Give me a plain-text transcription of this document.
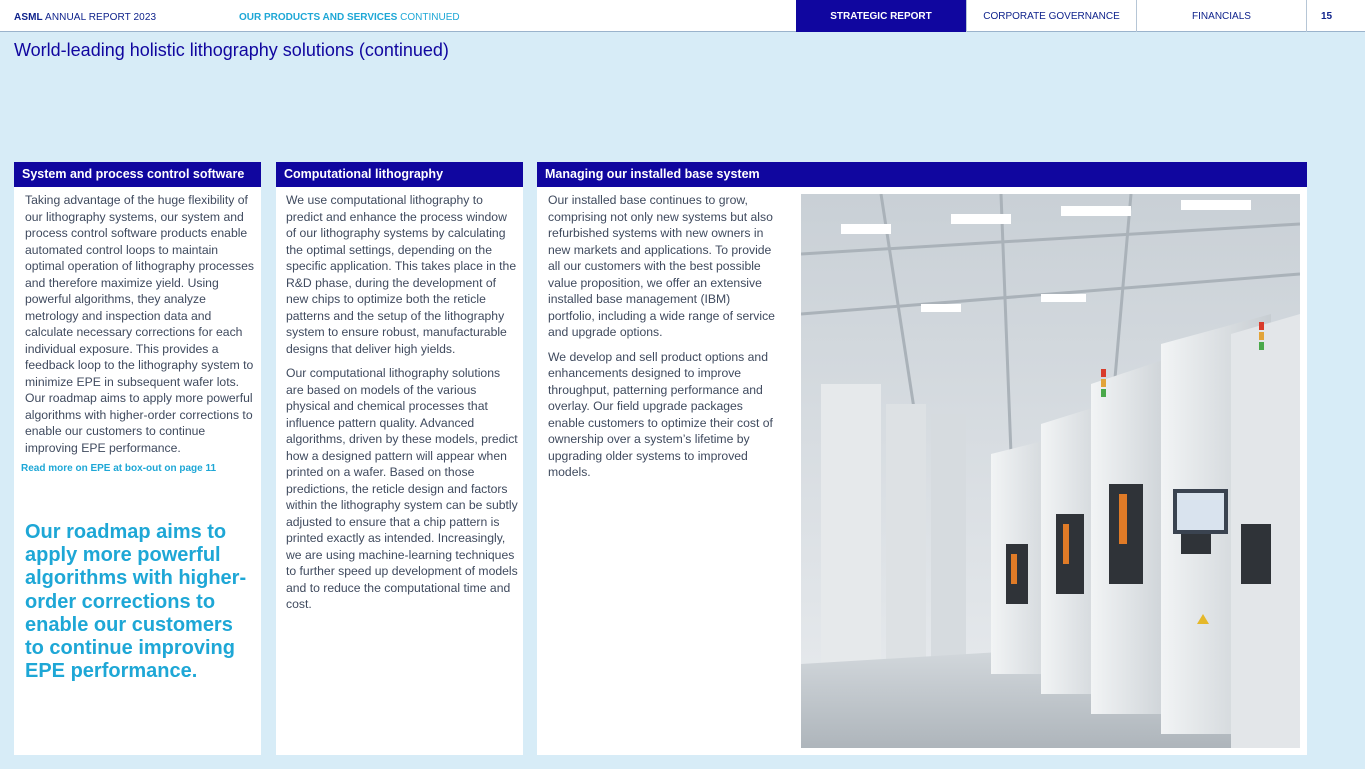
ASML ANNUAL REPORT 2023	OUR PRODUCTS AND SERVICES CONTINUED	STRATEGIC REPORT	CORPORATE GOVERNANCE	FINANCIALS	15
World-leading holistic lithography solutions (continued)
System and process control software

Taking advantage of the huge flexibility of our lithography systems, our system and process control software products enable automated control loops to maintain optimal operation of lithography processes and therefore maximize yield. Using powerful algorithms, they analyze metrology and inspection data and calculate necessary corrections for each individual exposure. This provides a feedback loop to the lithography system to minimize EPE in subsequent wafer lots. Our roadmap aims to apply more powerful algorithms with higher-order corrections to enable our customers to continue improving EPE performance.

Read more on EPE at box-out on page 11
Our roadmap aims to apply more powerful algorithms with higher-order corrections to enable our customers to continue improving EPE performance.
Computational lithography

We use computational lithography to predict and enhance the process window of our lithography systems by calculating the optimal settings, depending on the specific application. This takes place in the R&D phase, during the development of new chips to optimize both the reticle patterns and the setup of the lithography system to ensure robust, manufacturable designs that deliver high yields.

Our computational lithography solutions are based on models of the various physical and chemical processes that influence pattern quality. Advanced algorithms, driven by these models, predict how a designed pattern will appear when printed on a wafer. Based on those predictions, the reticle design and factors within the lithography system can be subtly adjusted to ensure that a chip pattern is printed exactly as intended. Increasingly, we are using machine-learning techniques to further speed up development of models and to reduce the computational time and cost.

Managing our installed base system

Our installed base continues to grow, comprising not only new systems but also refurbished systems with new owners in new markets and applications. To provide all our customers with the best possible value proposition, we offer an extensive installed base management (IBM) portfolio, including a wide range of service and upgrade options.

We develop and sell product options and enhancements designed to improve throughput, patterning performance and overlay. Our field upgrade packages enable customers to optimize their cost of ownership over a system’s lifetime by upgrading older systems to improved models.
